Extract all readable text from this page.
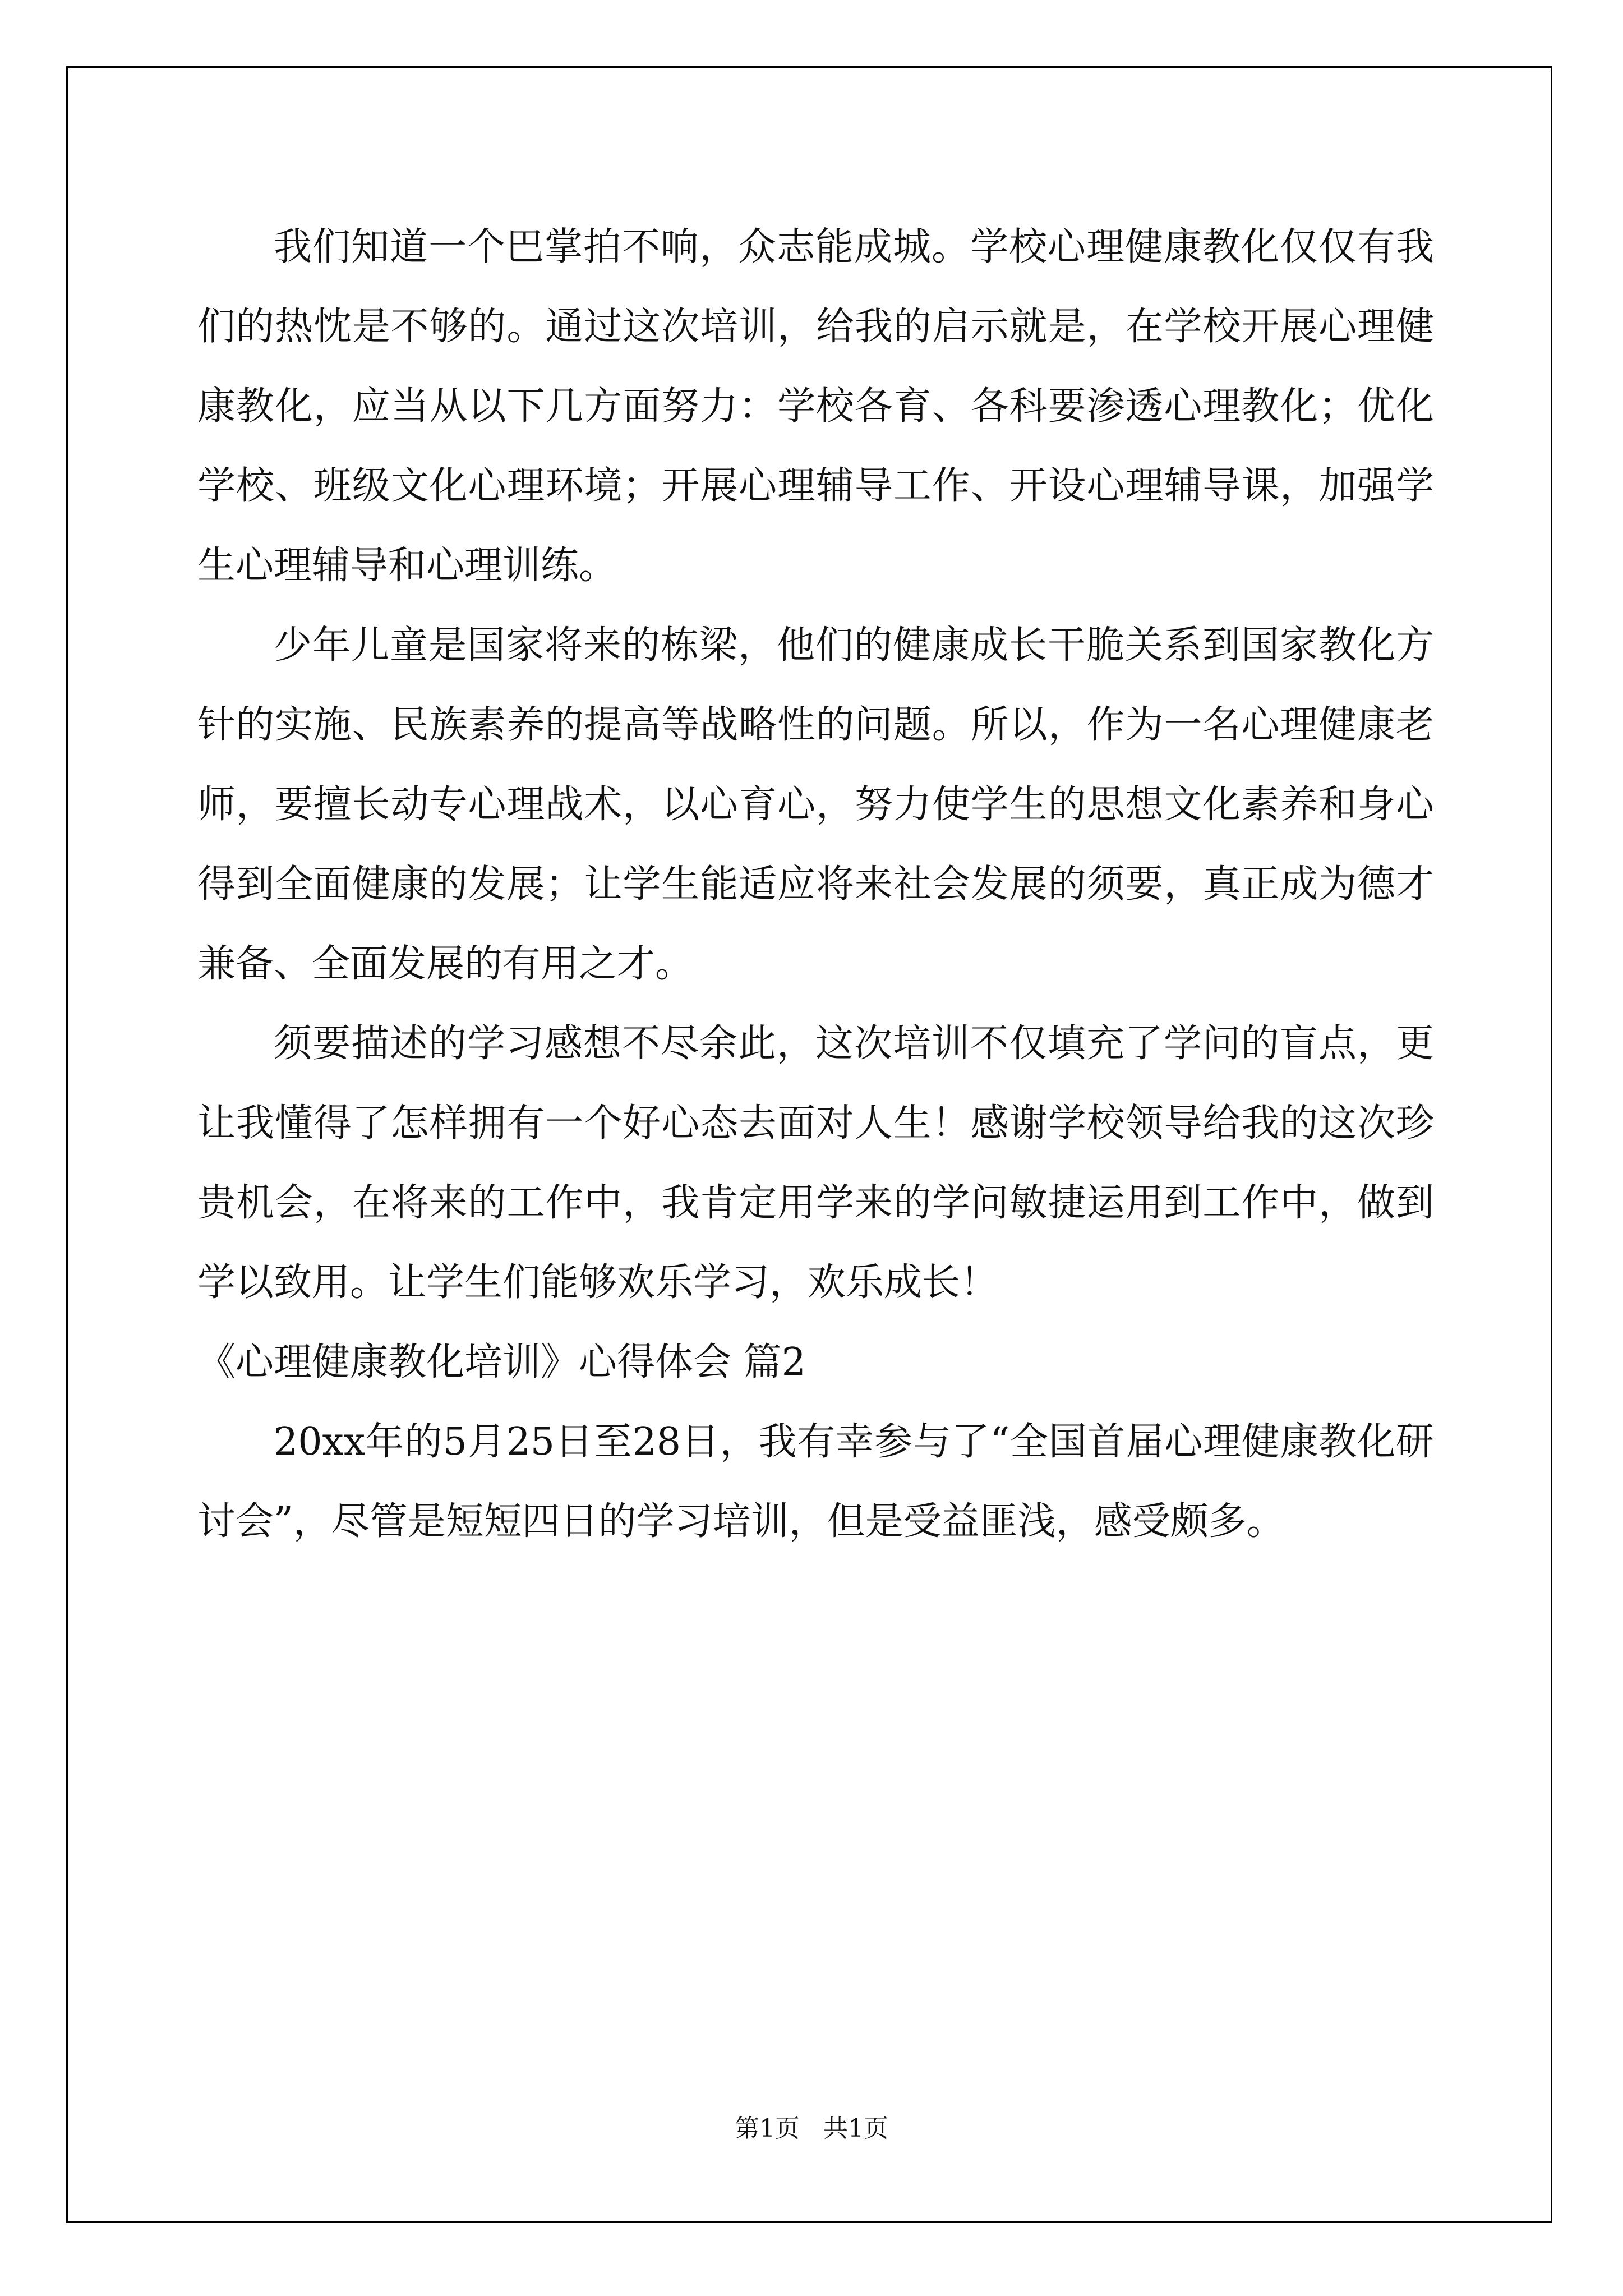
我们知道一个巴掌拍不响，众志能成城。学校心理健康教化仅仅有我们的热忱是不够的。通过这次培训，给我的启示就是，在学校开展心理健康教化，应当从以下几方面努力：学校各育、各科要渗透心理教化；优化学校、班级文化心理环境；开展心理辅导工作、开设心理辅导课，加强学生心理辅导和心理训练。

少年儿童是国家将来的栋梁，他们的健康成长干脆关系到国家教化方针的实施、民族素养的提高等战略性的问题。所以，作为一名心理健康老师，要擅长动专心理战术，以心育心，努力使学生的思想文化素养和身心得到全面健康的发展；让学生能适应将来社会发展的须要，真正成为德才兼备、全面发展的有用之才。

须要描述的学习感想不尽余此，这次培训不仅填充了学问的盲点，更让我懂得了怎样拥有一个好心态去面对人生！感谢学校领导给我的这次珍贵机会，在将来的工作中，我肯定用学来的学问敏捷运用到工作中，做到学以致用。让学生们能够欢乐学习，欢乐成长！

《心理健康教化培训》心得体会 篇2

20xx年的5月25日至28日，我有幸参与了“全国首届心理健康教化研讨会”，尽管是短短四日的学习培训，但是受益匪浅，感受颇多。

第1页 共1页
